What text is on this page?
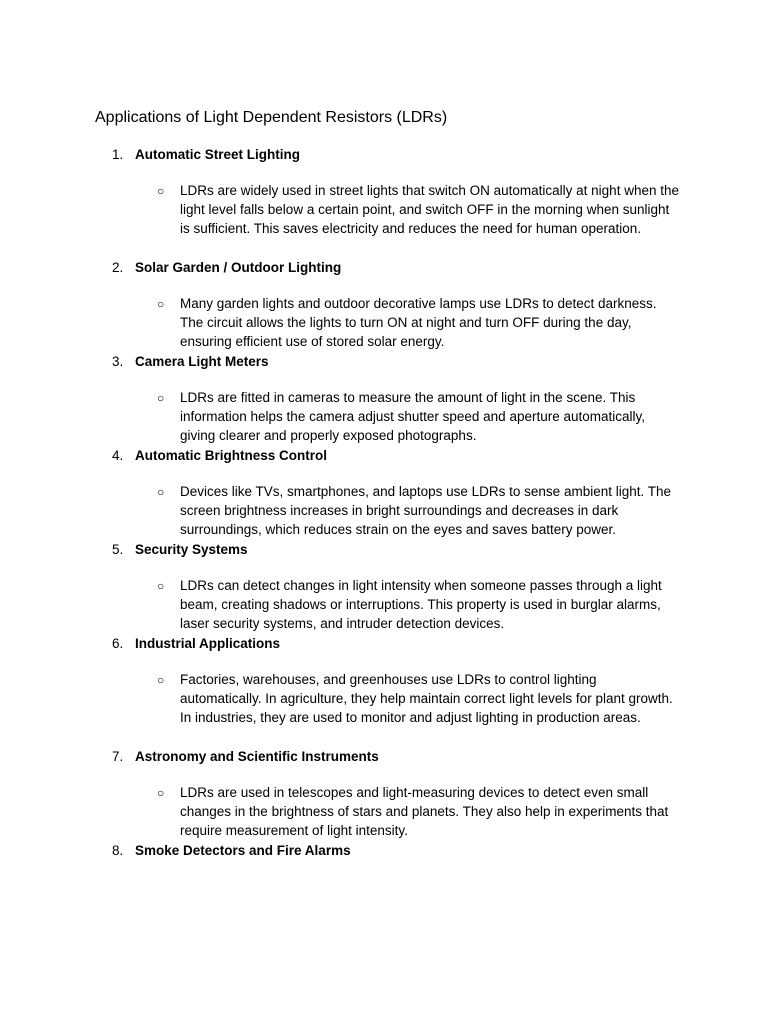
Applications of Light Dependent Resistors (LDRs)
1. Automatic Street Lighting
○ LDRs are widely used in street lights that switch ON automatically at night when the light level falls below a certain point, and switch OFF in the morning when sunlight is sufficient. This saves electricity and reduces the need for human operation.
2. Solar Garden / Outdoor Lighting
○ Many garden lights and outdoor decorative lamps use LDRs to detect darkness. The circuit allows the lights to turn ON at night and turn OFF during the day, ensuring efficient use of stored solar energy.
3. Camera Light Meters
○ LDRs are fitted in cameras to measure the amount of light in the scene. This information helps the camera adjust shutter speed and aperture automatically, giving clearer and properly exposed photographs.
4. Automatic Brightness Control
○ Devices like TVs, smartphones, and laptops use LDRs to sense ambient light. The screen brightness increases in bright surroundings and decreases in dark surroundings, which reduces strain on the eyes and saves battery power.
5. Security Systems
○ LDRs can detect changes in light intensity when someone passes through a light beam, creating shadows or interruptions. This property is used in burglar alarms, laser security systems, and intruder detection devices.
6. Industrial Applications
○ Factories, warehouses, and greenhouses use LDRs to control lighting automatically. In agriculture, they help maintain correct light levels for plant growth. In industries, they are used to monitor and adjust lighting in production areas.
7. Astronomy and Scientific Instruments
○ LDRs are used in telescopes and light-measuring devices to detect even small changes in the brightness of stars and planets. They also help in experiments that require measurement of light intensity.
8. Smoke Detectors and Fire Alarms
